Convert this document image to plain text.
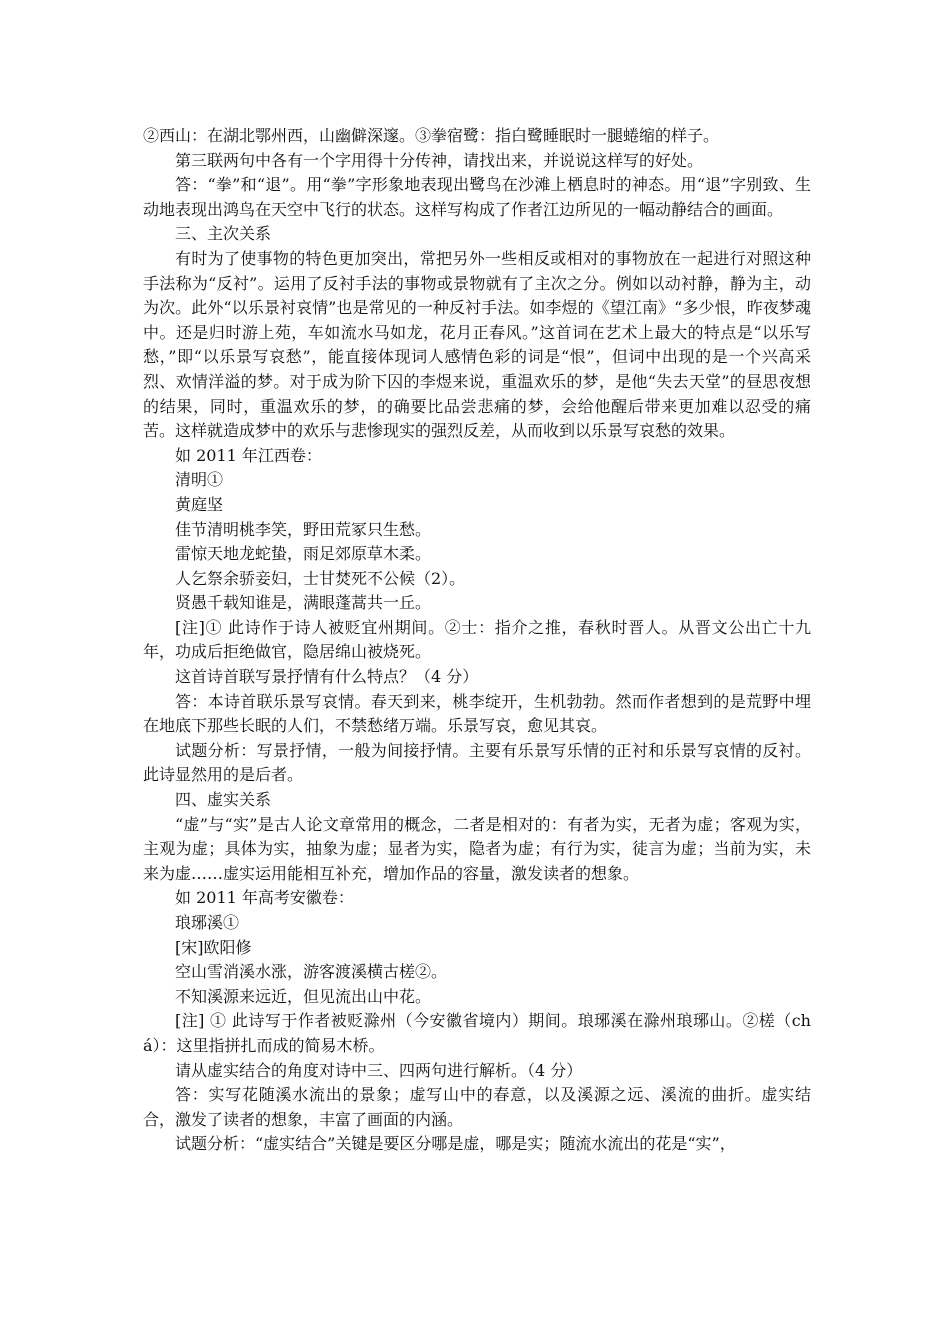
②西山：在湖北鄂州西，山幽僻深邃。③拳宿鹭：指白鹭睡眠时一腿蜷缩的样子。

第三联两句中各有一个字用得十分传神，请找出来，并说说这样写的好处。

答：“拳”和“退”。用“拳”字形象地表现出鹭鸟在沙滩上栖息时的神态。用“退”字别致、生动地表现出鸿鸟在天空中飞行的状态。这样写构成了作者江边所见的一幅动静结合的画面。

三、主次关系

有时为了使事物的特色更加突出，常把另外一些相反或相对的事物放在一起进行对照这种手法称为“反衬”。运用了反衬手法的事物或景物就有了主次之分。例如以动衬静，静为主，动为次。此外“以乐景衬哀情”也是常见的一种反衬手法。如李煜的《望江南》“多少恨，昨夜梦魂中。还是归时游上苑，车如流水马如龙，花月正春风。”这首词在艺术上最大的特点是“以乐写愁，”即“以乐景写哀愁”，能直接体现词人感情色彩的词是“恨”，但词中出现的是一个兴高采烈、欢情洋溢的梦。对于成为阶下囚的李煜来说，重温欢乐的梦，是他“失去天堂”的昼思夜想的结果，同时，重温欢乐的梦，的确要比品尝悲痛的梦，会给他醒后带来更加难以忍受的痛苦。这样就造成梦中的欢乐与悲惨现实的强烈反差，从而收到以乐景写哀愁的效果。

如 2011 年江西卷：

清明①

黄庭坚

佳节清明桃李笑，野田荒冢只生愁。

雷惊天地龙蛇蛰，雨足郊原草木柔。

人乞祭余骄妾妇，士甘焚死不公候（2）。

贤愚千载知谁是，满眼蓬蒿共一丘。

[注]① 此诗作于诗人被贬宜州期间。②士：指介之推，春秋时晋人。从晋文公出亡十九年，功成后拒绝做官，隐居绵山被烧死。

这首诗首联写景抒情有什么特点？（4 分）

答：本诗首联乐景写哀情。春天到来，桃李绽开，生机勃勃。然而作者想到的是荒野中埋在地底下那些长眠的人们，不禁愁绪万端。乐景写哀，愈见其哀。

试题分析：写景抒情，一般为间接抒情。主要有乐景写乐情的正衬和乐景写哀情的反衬。此诗显然用的是后者。

四、虚实关系

“虚”与“实”是古人论文章常用的概念，二者是相对的：有者为实，无者为虚；客观为实，主观为虚；具体为实，抽象为虚；显者为实，隐者为虚；有行为实，徒言为虚；当前为实，未来为虚……虚实运用能相互补充，增加作品的容量，激发读者的想象。

如 2011 年高考安徽卷：

琅琊溪①

[宋]欧阳修

空山雪消溪水涨，游客渡溪横古槎②。

不知溪源来远近，但见流出山中花。

[注] ① 此诗写于作者被贬滁州（今安徽省境内）期间。琅琊溪在滁州琅琊山。②槎（chá）：这里指拼扎而成的简易木桥。

请从虚实结合的角度对诗中三、四两句进行解析。（4 分）

答：实写花随溪水流出的景象；虚写山中的春意，以及溪源之远、溪流的曲折。虚实结合，激发了读者的想象，丰富了画面的内涵。

试题分析：“虚实结合”关键是要区分哪是虚，哪是实；随流水流出的花是“实”，
